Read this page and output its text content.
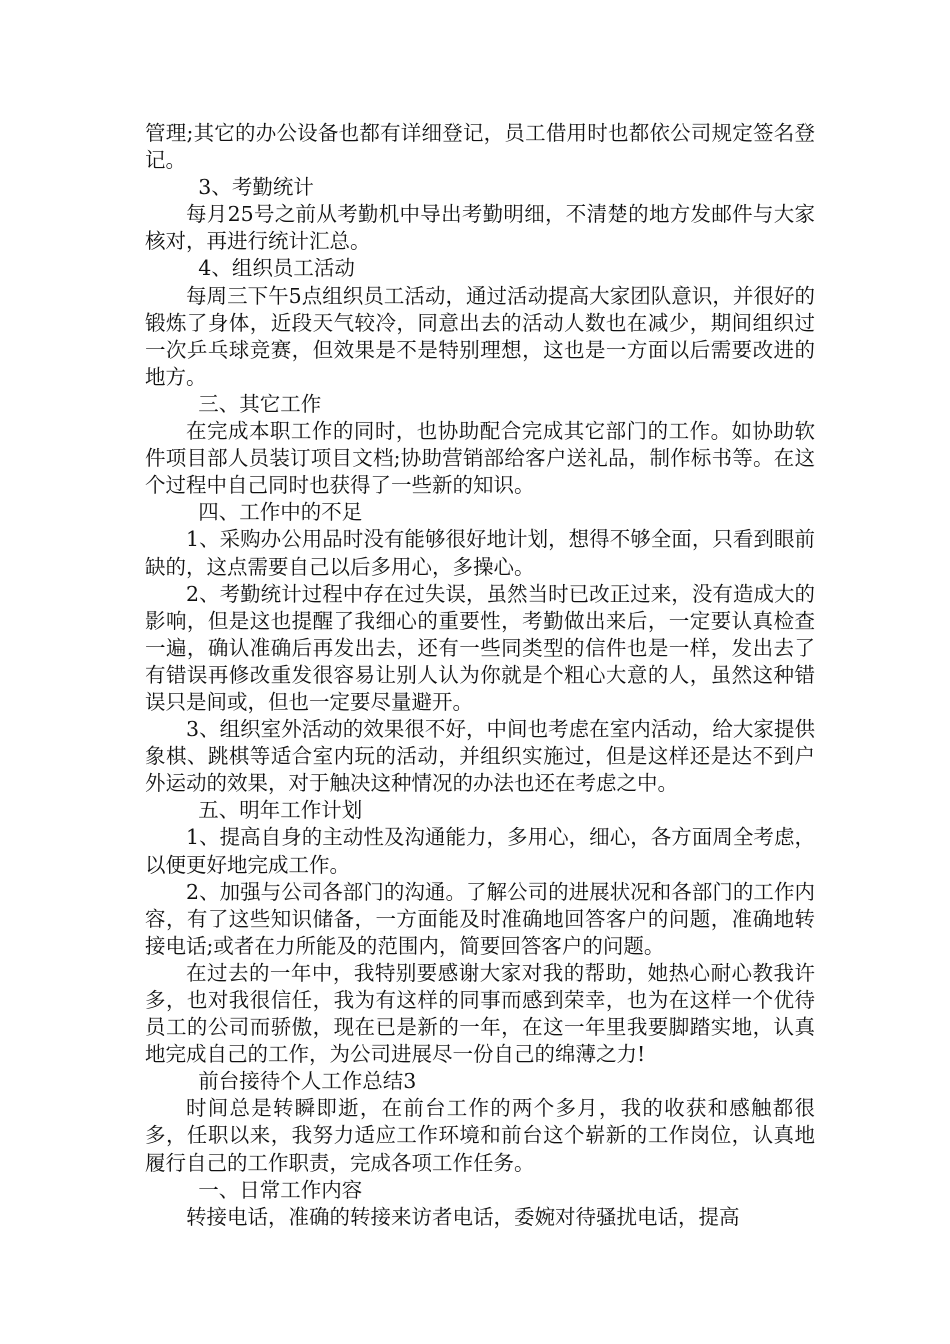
管理;其它的办公设备也都有详细登记，员工借用时也都依公司规定签名登记。

3、考勤统计

每月25号之前从考勤机中导出考勤明细，不清楚的地方发邮件与大家核对，再进行统计汇总。

4、组织员工活动

每周三下午5点组织员工活动，通过活动提高大家团队意识，并很好的锻炼了身体，近段天气较冷，同意出去的活动人数也在减少，期间组织过一次乒乓球竞赛，但效果是不是特别理想，这也是一方面以后需要改进的地方。

三、其它工作

在完成本职工作的同时，也协助配合完成其它部门的工作。如协助软件项目部人员装订项目文档;协助营销部给客户送礼品，制作标书等。在这个过程中自己同时也获得了一些新的知识。

四、工作中的不足

1、采购办公用品时没有能够很好地计划，想得不够全面，只看到眼前缺的，这点需要自己以后多用心，多操心。

2、考勤统计过程中存在过失误，虽然当时已改正过来，没有造成大的影响，但是这也提醒了我细心的重要性，考勤做出来后，一定要认真检查一遍，确认准确后再发出去，还有一些同类型的信件也是一样，发出去了有错误再修改重发很容易让别人认为你就是个粗心大意的人，虽然这种错误只是间或，但也一定要尽量避开。

3、组织室外活动的效果很不好，中间也考虑在室内活动，给大家提供象棋、跳棋等适合室内玩的活动，并组织实施过，但是这样还是达不到户外运动的效果，对于触决这种情况的办法也还在考虑之中。

五、明年工作计划

1、提高自身的主动性及沟通能力，多用心，细心，各方面周全考虑，以便更好地完成工作。

2、加强与公司各部门的沟通。了解公司的进展状况和各部门的工作内容，有了这些知识储备，一方面能及时准确地回答客户的问题，准确地转接电话;或者在力所能及的范围内，简要回答客户的问题。

在过去的一年中，我特别要感谢大家对我的帮助，她热心耐心教我许多，也对我很信任，我为有这样的同事而感到荣幸，也为在这样一个优待员工的公司而骄傲，现在已是新的一年，在这一年里我要脚踏实地，认真地完成自己的工作，为公司进展尽一份自己的绵薄之力!

前台接待个人工作总结3

时间总是转瞬即逝，在前台工作的两个多月，我的收获和感触都很多，任职以来，我努力适应工作环境和前台这个崭新的工作岗位，认真地履行自己的工作职责，完成各项工作任务。

一、日常工作内容

转接电话，准确的转接来访者电话，委婉对待骚扰电话，提高
